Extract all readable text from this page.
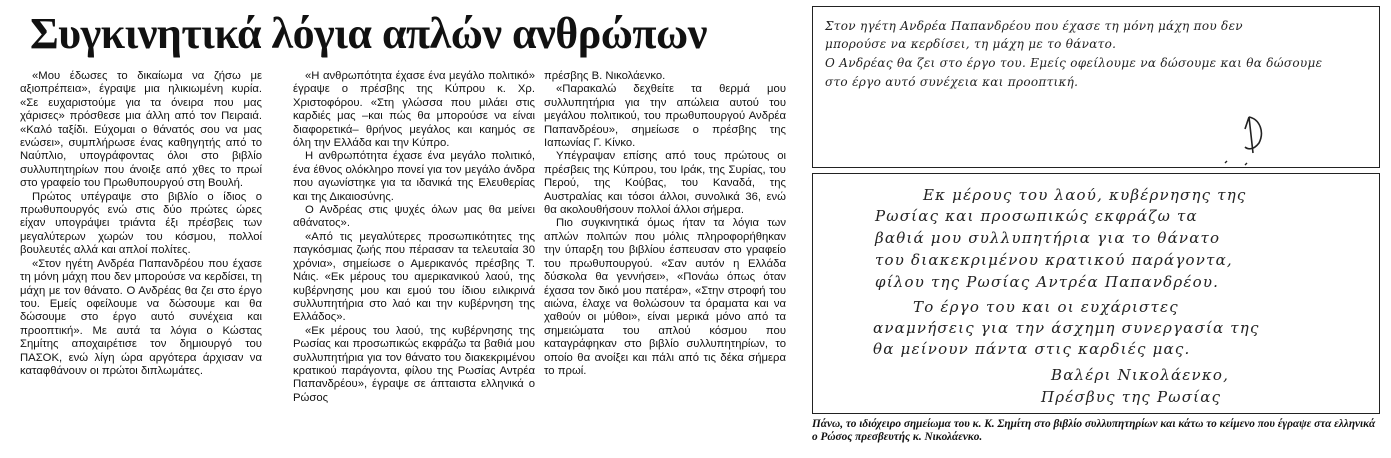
Συγκινητικά λόγια απλών ανθρώπων

«Μου έδωσες το δικαίωμα να ζήσω με αξιοπρέπεια», έγραψε μια ηλικιωμένη κυρία. «Σε ευχαριστούμε για τα όνειρα που μας χάρισες» πρόσθεσε μια άλλη από τον Πειραιά. «Καλό ταξίδι. Εύχομαι ο θάνατός σου να μας ενώσει», συμπλήρωσε ένας καθηγητής από το Ναύπλιο, υπογράφοντας όλοι στο βιβλίο συλλυπητηρίων που άνοιξε από χθες το πρωί στο γραφείο του Πρωθυπουργού στη Βουλή.

Πρώτος υπέγραψε στο βιβλίο ο ίδιος ο πρωθυπουργός ενώ στις δύο πρώτες ώρες είχαν υπογράψει τριάντα έξι πρέσβεις των μεγαλύτερων χωρών του κόσμου, πολλοί βουλευτές αλλά και απλοί πολίτες.

«Στον ηγέτη Ανδρέα Παπανδρέου που έχασε τη μόνη μάχη που δεν μπορούσε να κερδίσει, τη μάχη με τον θάνατο. Ο Ανδρέας θα ζει στο έργο του. Εμείς οφείλουμε να δώσουμε και θα δώσουμε στο έργο αυτό συνέχεια και προοπτική». Με αυτά τα λόγια ο Κώστας Σημίτης αποχαιρέτισε τον δημιουργό του ΠΑΣΟΚ, ενώ λίγη ώρα αργότερα άρχισαν να καταφθάνουν οι πρώτοι διπλωμάτες.

«Η ανθρωπότητα έχασε ένα μεγάλο πολιτικό» έγραψε ο πρέσβης της Κύπρου κ. Χρ. Χριστοφόρου. «Στη γλώσσα που μιλάει στις καρδιές μας –και πώς θα μπορούσε να είναι διαφορετικά– θρήνος μεγάλος και καημός σε όλη την Ελλάδα και την Κύπρο.

Η ανθρωπότητα έχασε ένα μεγάλο πολιτικό, ένα έθνος ολόκληρο πονεί για τον μεγάλο άνδρα που αγωνίστηκε για τα ιδανικά της Ελευθερίας και της Δικαιοσύνης.

Ο Ανδρέας στις ψυχές όλων μας θα μείνει αθάνατος».

«Από τις μεγαλύτερες προσωπικότητες της παγκόσμιας ζωής που πέρασαν τα τελευταία 30 χρόνια», σημείωσε ο Αμερικανός πρέσβης Τ. Νάις. «Εκ μέρους του αμερικανικού λαού, της κυβέρνησης μου και εμού του ίδιου ειλικρινά συλλυπητήρια στο λαό και την κυβέρνηση της Ελλάδος».

«Εκ μέρους του λαού, της κυβέρνησης της Ρωσίας και προσωπικώς εκφράζω τα βαθιά μου συλλυπητήρια για τον θάνατο του διακεκριμένου κρατικού παράγοντα, φίλου της Ρωσίας Αντρέα Παπανδρέου», έγραψε σε άπταιστα ελληνικά ο Ρώσος

πρέσβης Β. Νικολάενκο.

«Παρακαλώ δεχθείτε τα θερμά μου συλλυπητήρια για την απώλεια αυτού του μεγάλου πολιτικού, του πρωθυπουργού Ανδρέα Παπανδρέου», σημείωσε ο πρέσβης της Ιαπωνίας Γ. Κίνκο.

Υπέγραψαν επίσης από τους πρώτους οι πρέσβεις της Κύπρου, του Ιράκ, της Συρίας, του Περού, της Κούβας, του Καναδά, της Αυστραλίας και τόσοι άλλοι, συνολικά 36, ενώ θα ακολουθήσουν πολλοί άλλοι σήμερα.

Πιο συγκινητικά όμως ήταν τα λόγια των απλών πολιτών που μόλις πληροφορήθηκαν την ύπαρξη του βιβλίου έσπευσαν στο γραφείο του πρωθυπουργού. «Σαν αυτόν η Ελλάδα δύσκολα θα γεννήσει», «Πονάω όπως όταν έχασα τον δικό μου πατέρα», «Στην στροφή του αιώνα, έλαχε να θολώσουν τα όραματα και να χαθούν οι μύθοι», είναι μερικά μόνο από τα σημειώματα του απλού κόσμου που καταγράφηκαν στο βιβλίο συλλυπητηρίων, το οποίο θα ανοίξει και πάλι από τις δέκα σήμερα το πρωί.

Στον ηγέτη Ανδρέα Παπανδρέου που έχασε τη μόνη μάχη που δεν
μπορούσε να κερδίσει, τη μάχη με το θάνατο.
Ο Ανδρέας θα ζει στο έργο του. Εμείς οφείλουμε να δώσουμε και θα δώσουμε
στο έργο αυτό συνέχεια και προοπτική.
Εκ μέρους του λαού, κυβέρνησης της
Ρωσίας και προσωπικώς εκφράζω τα
βαθιά μου συλλυπητήρια για το θάνατο
του διακεκριμένου κρατικού παράγοντα,
φίλου της Ρωσίας Αντρέα Παπανδρέου.
Το έργο του και οι ευχάριστες
αναμνήσεις για την άσχημη συνεργασία της
θα μείνουν πάντα στις καρδιές μας.
Βαλέρι Νικολάενκο,
Πρέσβυς της Ρωσίας
Πάνω, το ιδιόχειρο σημείωμα του κ. Κ. Σημίτη στο βιβλίο συλλυπητηρίων και κάτω το κείμενο που έγραψε στα ελληνικά ο Ρώσος πρεσβευτής κ. Νικολάενκο.
